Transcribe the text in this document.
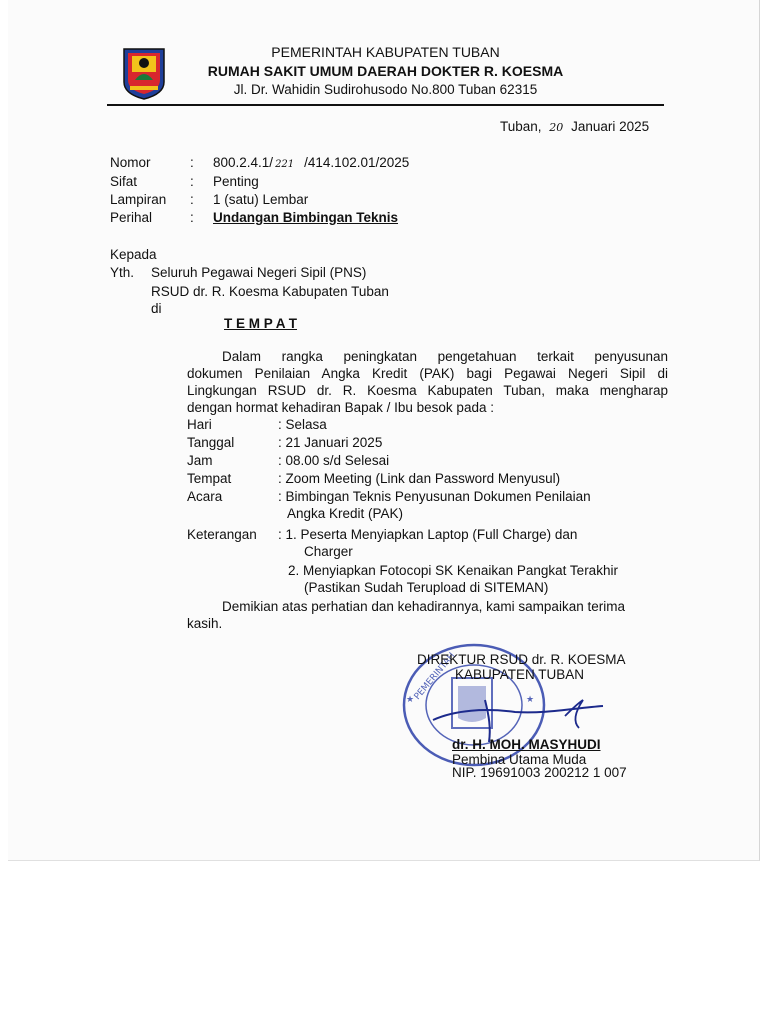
PEMERINTAH KABUPATEN TUBAN
RUMAH SAKIT UMUM DAERAH DOKTER R. KOESMA
Jl. Dr. Wahidin Sudirohusodo No.800 Tuban 62315
Tuban, 20 Januari 2025
Nomor	: 800.2.4.1/ 221 /414.102.01/2025
Sifat	: Penting
Lampiran : 1 (satu) Lembar
Perihal	: Undangan Bimbingan Teknis
Kepada
Yth. Seluruh Pegawai Negeri Sipil (PNS)
RSUD dr. R. Koesma Kabupaten Tuban
di
T E M P A T
Dalam rangka peningkatan pengetahuan terkait penyusunan
dokumen Penilaian Angka Kredit (PAK) bagi Pegawai Negeri Sipil di
Lingkungan RSUD dr. R. Koesma Kabupaten Tuban, maka mengharap
dengan hormat kehadiran Bapak / Ibu besok pada :
Hari	: Selasa
Tanggal	: 21 Januari 2025
Jam	: 08.00 s/d Selesai
Tempat	: Zoom Meeting (Link dan Password Menyusul)
Acara	: Bimbingan Teknis Penyusunan Dokumen Penilaian
Angka Kredit (PAK)
Keterangan : 1. Peserta Menyiapkan Laptop (Full Charge) dan
Charger
2. Menyiapkan Fotocopi SK Kenaikan Pangkat Terakhir
(Pastikan Sudah Terupload di SITEMAN)
Demikian atas perhatian dan kehadirannya, kami sampaikan terima
kasih.
PEMERINTAH	★
★
DIREKTUR RSUD dr. R. KOESMA
KABUPATEN TUBAN
dr. H. MOH. MASYHUDI
Pembina Utama Muda
NIP. 19691003 200212 1 007
